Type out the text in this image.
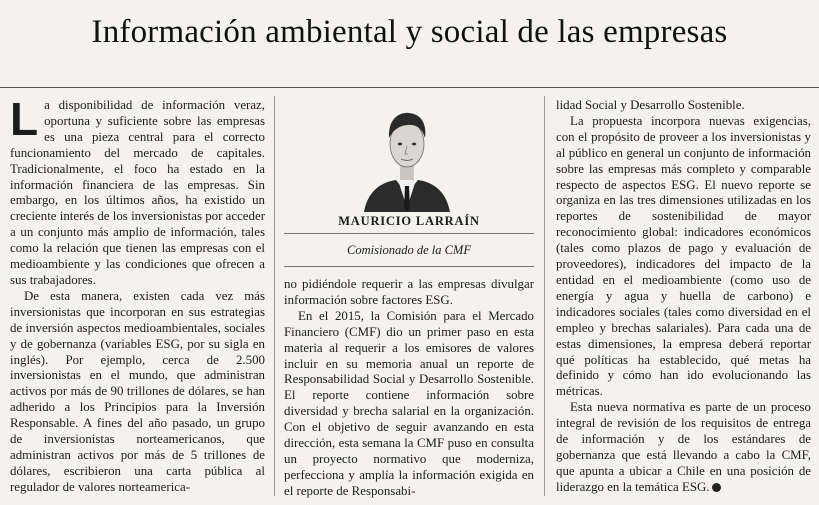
Información ambiental y social de las empresas

La disponibilidad de información veraz, oportuna y suficiente sobre las empresas es una pieza central para el correcto funcionamiento del mercado de capitales. Tradicionalmente, el foco ha estado en la información financiera de las empresas. Sin embargo, en los últimos años, ha existido un creciente interés de los inversionistas por acceder a un conjunto más amplio de información, tales como la relación que tienen las empresas con el medioambiente y las condiciones que ofrecen a sus trabajadores.

De esta manera, existen cada vez más inversionistas que incorporan en sus estrategias de inversión aspectos medioambientales, sociales y de gobernanza (variables ESG, por su sigla en inglés). Por ejemplo, cerca de 2.500 inversionistas en el mundo, que administran activos por más de 90 trillones de dólares, se han adherido a los Principios para la Inversión Responsable. A fines del año pasado, un grupo de inversionistas norteamericanos, que administran activos por más de 5 trillones de dólares, escribieron una carta pública al regulador de valores norteamerica-

MAURICIO LARRAÍN
Comisionado de la CMF

no pidiéndole requerir a las empresas divulgar información sobre factores ESG.

En el 2015, la Comisión para el Mercado Financiero (CMF) dio un primer paso en esta materia al requerir a los emisores de valores incluir en su memoria anual un reporte de Responsabilidad Social y Desarrollo Sostenible. El reporte contiene información sobre diversidad y brecha salarial en la organización. Con el objetivo de seguir avanzando en esta dirección, esta semana la CMF puso en consulta un proyecto normativo que moderniza, perfecciona y amplía la información exigida en el reporte de Responsabi-

lidad Social y Desarrollo Sostenible.

La propuesta incorpora nuevas exigencias, con el propósito de proveer a los inversionistas y al público en general un conjunto de información sobre las empresas más completo y comparable respecto de aspectos ESG. El nuevo reporte se organiza en las tres dimensiones utilizadas en los reportes de sostenibilidad de mayor reconocimiento global: indicadores económicos (tales como plazos de pago y evaluación de proveedores), indicadores del impacto de la entidad en el medioambiente (como uso de energía y agua y huella de carbono) e indicadores sociales (tales como diversidad en el empleo y brechas salariales). Para cada una de estas dimensiones, la empresa deberá reportar qué políticas ha establecido, qué metas ha definido y cómo han ido evolucionando las métricas.

Esta nueva normativa es parte de un proceso integral de revisión de los requisitos de entrega de información y de los estándares de gobernanza que está llevando a cabo la CMF, que apunta a ubicar a Chile en una posición de liderazgo en la temática ESG.
